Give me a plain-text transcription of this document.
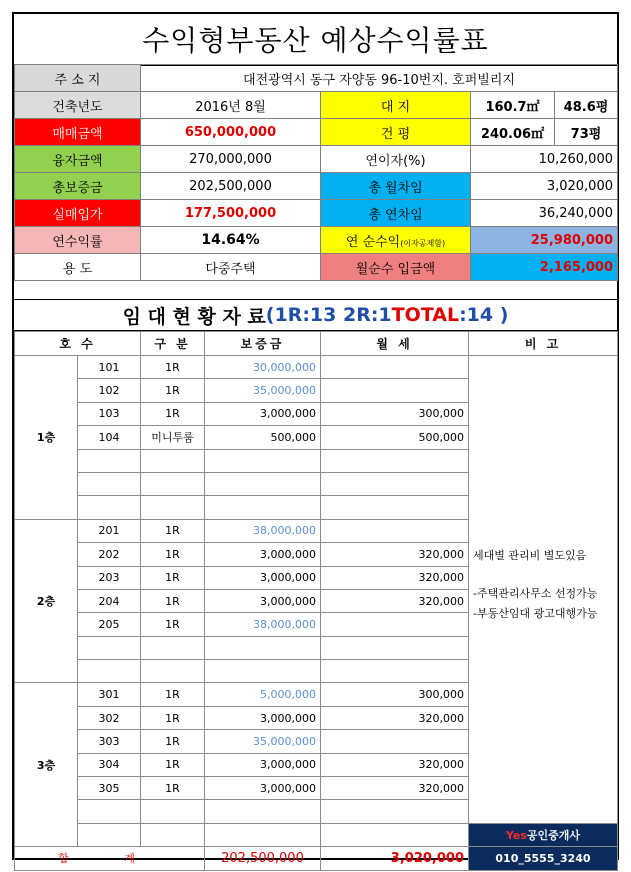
수익형부동산 예상수익률표
주 소 지	대전광역시 동구 자양동 96-10번지. 호퍼빌리지			
건축년도	2016년 8월	대 지	160.7㎡	48.6평
매매금액	650,000,000	건 평	240.06㎡	73평
융자금액	270,000,000	연이자(%)	10,260,000	
총보증금	202,500,000	총 월차임	3,020,000	
실매입가	177,500,000	총 연차임	36,240,000	
연수익률	14.64%	연 순수익(이자공제함)	25,980,000	
용 도	다중주택	월순수 입금액	2,165,000	
임 대 현 황 자 료 (1R:13 2R:1 TOTAL :14 )
호 수		구 분	보증금	월 세	비 고
1층	101	1R	30,000,000		세대별 관리비 별도있음

-주택관리사무소 선정가능

-부동산임대 광고대행가능

	102	1R	35,000,000		
	103	1R	3,000,000	300,000	
	104	미니투룸	500,000	500,000	

2층	201	1R	38,000,000		
	202	1R	3,000,000	320,000	
	203	1R	3,000,000	320,000	
	204	1R	3,000,000	320,000	
	205	1R	38,000,000		

3층	301	1R	5,000,000	300,000	
	302	1R	3,000,000	320,000	
	303	1R	35,000,000		
	304	1R	3,000,000	320,000	
	305	1R	3,000,000	320,000	

					Yes공인중개사
합 계			202,500,000	3,020,000	010_5555_3240
